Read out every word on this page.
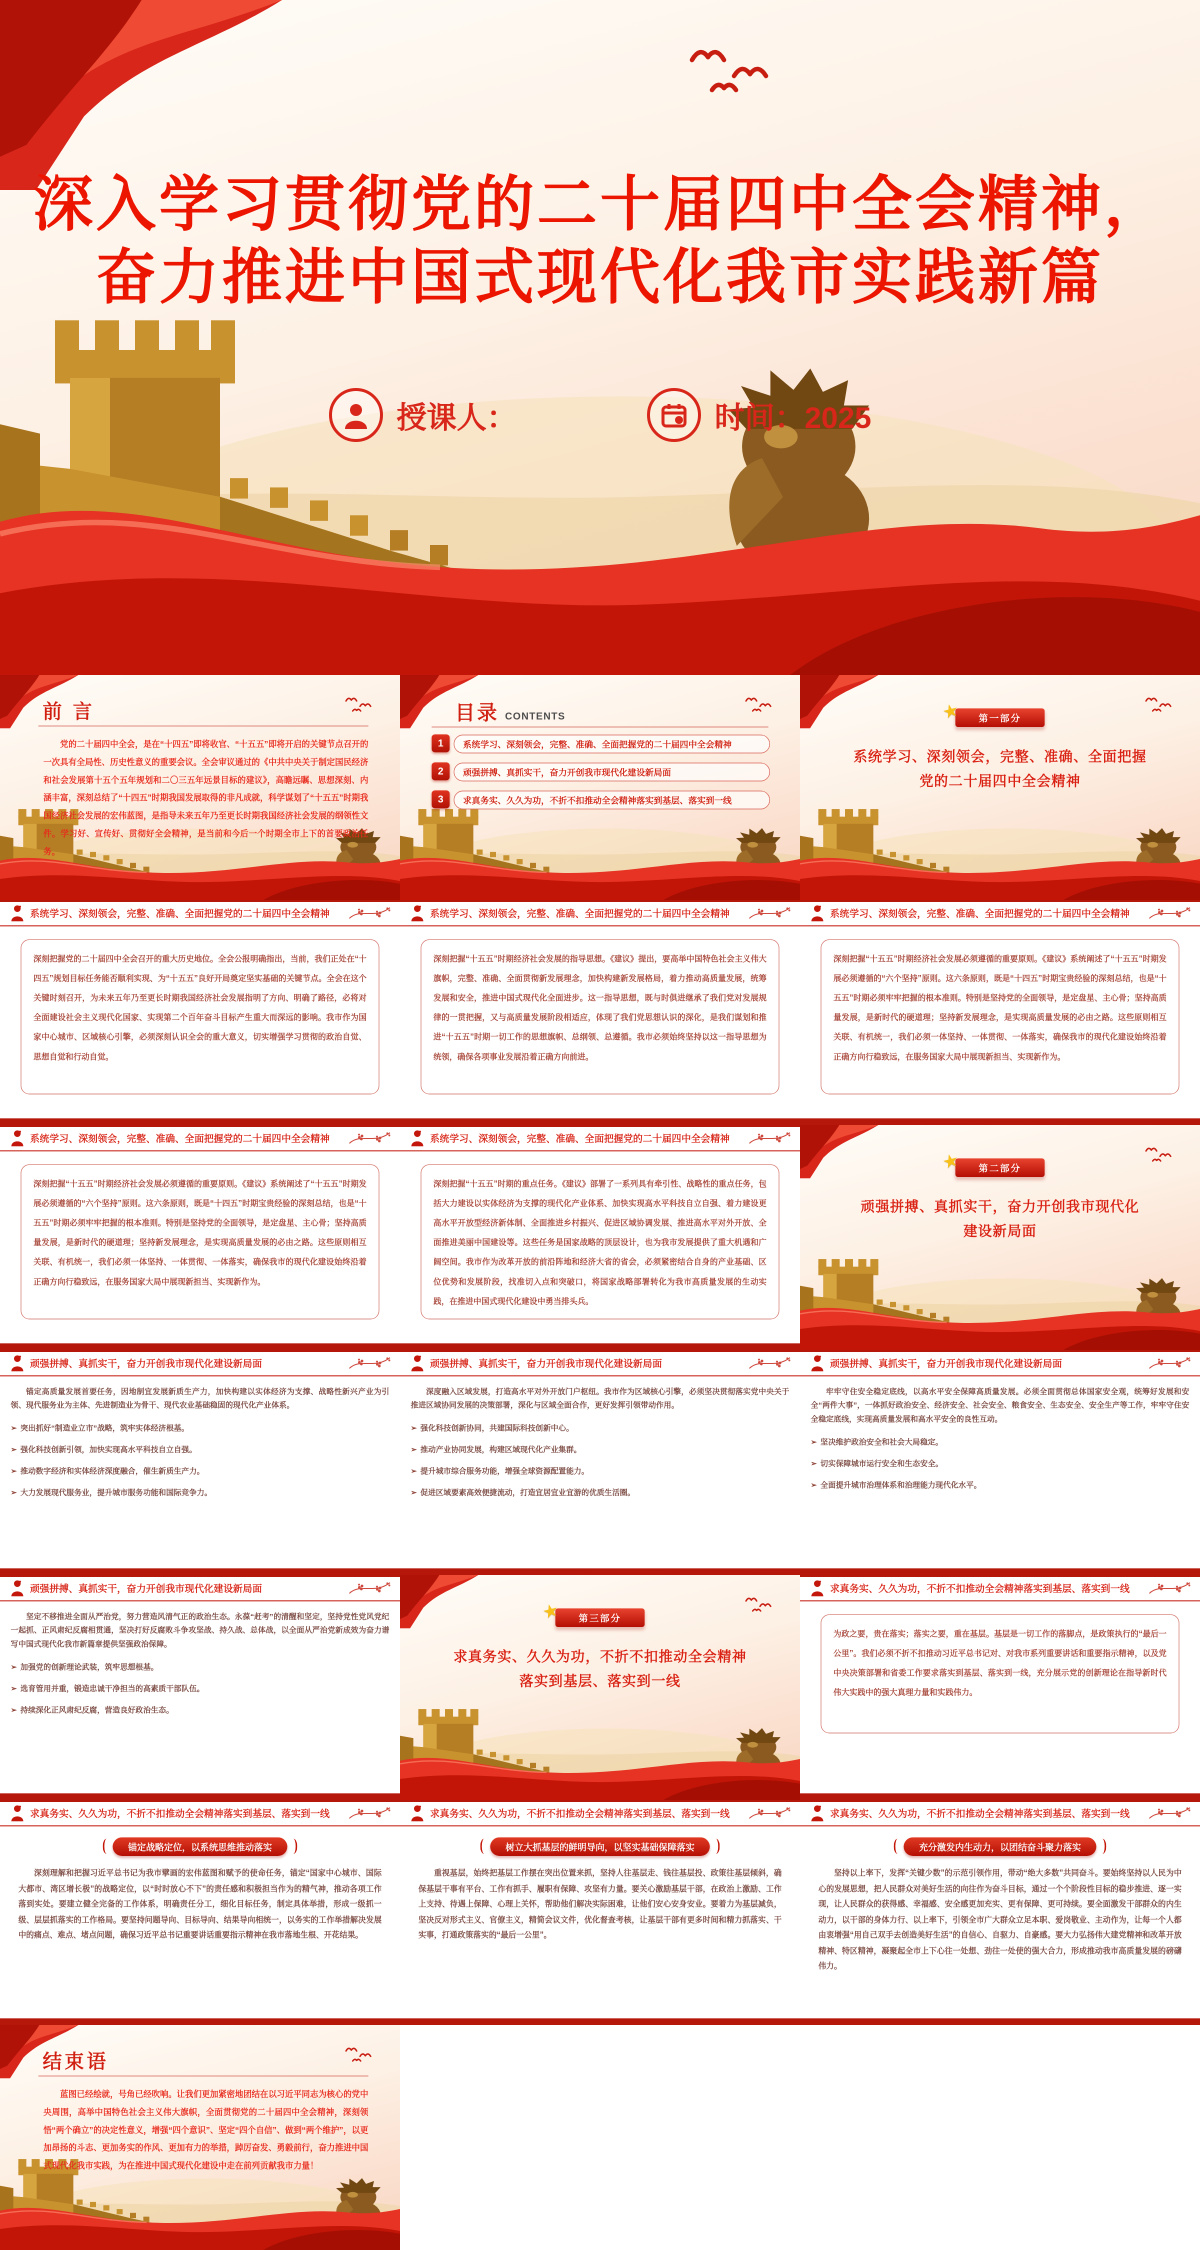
深入学习贯彻党的二十届四中全会精神，
奋力推进中国式现代化我市实践新篇
授课人：	时间：2025
前 言
党的二十届四中全会，是在“十四五”即将收官、“十五五”即将开启的关键节点召开的一次具有全局性、历史性意义的重要会议。全会审议通过的《中共中央关于制定国民经济和社会发展第十五个五年规划和二〇三五年远景目标的建议》，高瞻远瞩、思想深刻、内涵丰富，深刻总结了“十四五”时期我国发展取得的非凡成就，科学谋划了“十五五”时期我国经济社会发展的宏伟蓝图，是指导未来五年乃至更长时期我国经济社会发展的纲领性文件。学习好、宣传好、贯彻好全会精神，是当前和今后一个时期全市上下的首要政治任务。
目录 CONTENTS
1 系统学习、深刻领会，完整、准确、全面把握党的二十届四中全会精神
2 顽强拼搏、真抓实干，奋力开创我市现代化建设新局面
3 求真务实、久久为功，不折不扣推动全会精神落实到基层、落实到一线
★ 第一部分
系统学习、深刻领会，完整、准确、全面把握
党的二十届四中全会精神
系统学习、深刻领会，完整、准确、全面把握党的二十届四中全会精神
深刻把握党的二十届四中全会召开的重大历史地位。全会公报明确指出，当前，我们正处在“十四五”规划目标任务能否顺利实现、为“十五五”良好开局奠定坚实基础的关键节点。全会在这个关键时刻召开，为未来五年乃至更长时期我国经济社会发展指明了方向、明确了路径，必将对全面建设社会主义现代化国家、实现第二个百年奋斗目标产生重大而深远的影响。我市作为国家中心城市、区域核心引擎，必须深刻认识全会的重大意义，切实增强学习贯彻的政治自觉、思想自觉和行动自觉。
系统学习、深刻领会，完整、准确、全面把握党的二十届四中全会精神
深刻把握“十五五”时期经济社会发展的指导思想。《建议》提出，要高举中国特色社会主义伟大旗帜，完整、准确、全面贯彻新发展理念，加快构建新发展格局，着力推动高质量发展，统筹发展和安全，推进中国式现代化全面进步。这一指导思想，既与时俱进继承了我们党对发展规律的一贯把握，又与高质量发展阶段相适应，体现了我们党思想认识的深化，是我们谋划和推进“十五五”时期一切工作的思想旗帜、总纲领、总遵循。我市必须始终坚持以这一指导思想为统领，确保各项事业发展沿着正确方向前进。
系统学习、深刻领会，完整、准确、全面把握党的二十届四中全会精神
深刻把握“十五五”时期经济社会发展必须遵循的重要原则。《建议》系统阐述了“十五五”时期发展必须遵循的“六个坚持”原则。这六条原则，既是“十四五”时期宝贵经验的深刻总结，也是“十五五”时期必须牢牢把握的根本准则。特别是坚持党的全面领导，是定盘星、主心骨；坚持高质量发展，是新时代的硬道理；坚持新发展理念，是实现高质量发展的必由之路。这些原则相互关联、有机统一，我们必须一体坚持、一体贯彻、一体落实，确保我市的现代化建设始终沿着正确方向行稳致远，在服务国家大局中展现新担当、实现新作为。
系统学习、深刻领会，完整、准确、全面把握党的二十届四中全会精神
深刻把握“十五五”时期经济社会发展必须遵循的重要原则。《建议》系统阐述了“十五五”时期发展必须遵循的“六个坚持”原则。这六条原则，既是“十四五”时期宝贵经验的深刻总结，也是“十五五”时期必须牢牢把握的根本准则。特别是坚持党的全面领导，是定盘星、主心骨；坚持高质量发展，是新时代的硬道理；坚持新发展理念，是实现高质量发展的必由之路。这些原则相互关联、有机统一，我们必须一体坚持、一体贯彻、一体落实，确保我市的现代化建设始终沿着正确方向行稳致远，在服务国家大局中展现新担当、实现新作为。
系统学习、深刻领会，完整、准确、全面把握党的二十届四中全会精神
深刻把握“十五五”时期的重点任务。《建议》部署了一系列具有牵引性、战略性的重点任务，包括大力建设以实体经济为支撑的现代化产业体系、加快实现高水平科技自立自强、着力建设更高水平开放型经济新体制、全面推进乡村振兴、促进区域协调发展、推进高水平对外开放、全面推进美丽中国建设等。这些任务是国家战略的顶层设计，也为我市发展提供了重大机遇和广阔空间。我市作为改革开放的前沿阵地和经济大省的省会，必须紧密结合自身的产业基础、区位优势和发展阶段，找准切入点和突破口，将国家战略部署转化为我市高质量发展的生动实践，在推进中国式现代化建设中勇当排头兵。
★ 第二部分
顽强拼搏、真抓实干，奋力开创我市现代化
建设新局面
顽强拼搏、真抓实干，奋力开创我市现代化建设新局面
锚定高质量发展首要任务，因地制宜发展新质生产力，加快构建以实体经济为支撑、战略性新兴产业为引领、现代服务业为主体、先进制造业为骨干、现代农业基础稳固的现代化产业体系。
➢ 突出抓好“制造业立市”战略，筑牢实体经济根基。
➢ 强化科技创新引领，加快实现高水平科技自立自强。
➢ 推动数字经济和实体经济深度融合，催生新质生产力。
➢ 大力发展现代服务业，提升城市服务功能和国际竞争力。
顽强拼搏、真抓实干，奋力开创我市现代化建设新局面
深度融入区域发展，打造高水平对外开放门户枢纽。我市作为区域核心引擎，必须坚决贯彻落实党中央关于推进区域协同发展的决策部署，深化与区域全面合作，更好发挥引领带动作用。
➢ 强化科技创新协同，共建国际科技创新中心。
➢ 推动产业协同发展，构建区域现代化产业集群。
➢ 提升城市综合服务功能，增强全球资源配置能力。
➢ 促进区域要素高效便捷流动，打造宜居宜业宜游的优质生活圈。
顽强拼搏、真抓实干，奋力开创我市现代化建设新局面
牢牢守住安全稳定底线，以高水平安全保障高质量发展。必须全面贯彻总体国家安全观，统筹好发展和安全“两件大事”，一体抓好政治安全、经济安全、社会安全、粮食安全、生态安全、安全生产等工作，牢牢守住安全稳定底线，实现高质量发展和高水平安全的良性互动。
➢ 坚决维护政治安全和社会大局稳定。
➢ 切实保障城市运行安全和生态安全。
➢ 全面提升城市治理体系和治理能力现代化水平。
顽强拼搏、真抓实干，奋力开创我市现代化建设新局面
坚定不移推进全面从严治党，努力营造风清气正的政治生态。永葆“赶考”的清醒和坚定，坚持党性党风党纪一起抓、正风肃纪反腐相贯通，坚决打好反腐败斗争攻坚战、持久战、总体战，以全面从严治党新成效为奋力谱写中国式现代化我市新篇章提供坚强政治保障。
➢ 加强党的创新理论武装，筑牢思想根基。
➢ 选育管用并重，锻造忠诚干净担当的高素质干部队伍。
➢ 持续深化正风肃纪反腐，营造良好政治生态。
★ 第三部分
求真务实、久久为功，不折不扣推动全会精神
落实到基层、落实到一线
求真务实、久久为功，不折不扣推动全会精神落实到基层、落实到一线
为政之要，贵在落实；落实之要，重在基层。基层是一切工作的落脚点，是政策执行的“最后一公里”。我们必须不折不扣推动习近平总书记对、对我市系列重要讲话和重要指示精神，以及党中央决策部署和省委工作要求落实到基层、落实到一线，充分展示党的创新理论在指导新时代伟大实践中的强大真理力量和实践伟力。
求真务实、久久为功，不折不扣推动全会精神落实到基层、落实到一线
锚定战略定位，以系统思维推动落实
深刻理解和把握习近平总书记为我市擘画的宏伟蓝图和赋予的使命任务，锚定“国家中心城市、国际大都市、湾区增长极”的战略定位，以“时时放心不下”的责任感和积极担当作为的精气神，推动各项工作落到实处。要建立健全完备的工作体系，明确责任分工，细化目标任务，制定具体举措，形成一级抓一级、层层抓落实的工作格局。要坚持问题导向、目标导向、结果导向相统一，以务实的工作举措解决发展中的痛点、难点、堵点问题，确保习近平总书记重要讲话重要指示精神在我市落地生根、开花结果。
求真务实、久久为功，不折不扣推动全会精神落实到基层、落实到一线
树立大抓基层的鲜明导向，以坚实基础保障落实
重视基层，始终把基层工作摆在突出位置来抓，坚持人往基层走、钱往基层投、政策往基层倾斜，确保基层干事有平台、工作有抓手、履职有保障、攻坚有力量。要关心激励基层干部，在政治上激励、工作上支持、待遇上保障、心理上关怀，帮助他们解决实际困难，让他们安心安身安业。要着力为基层减负，坚决反对形式主义、官僚主义，精简会议文件，优化督查考核，让基层干部有更多时间和精力抓落实、干实事，打通政策落实的“最后一公里”。
求真务实、久久为功，不折不扣推动全会精神落实到基层、落实到一线
充分激发内生动力，以团结奋斗聚力落实
坚持以上率下，发挥“关键少数”的示范引领作用，带动“绝大多数”共同奋斗。要始终坚持以人民为中心的发展思想，把人民群众对美好生活的向往作为奋斗目标，通过一个个阶段性目标的稳步推进、逐一实现，让人民群众的获得感、幸福感、安全感更加充实、更有保障、更可持续。要全面激发干部群众的内生动力，以干部的身体力行、以上率下，引领全市广大群众立足本职、爱岗敬业、主动作为，让每一个人都由衷增强“用自己双手去创造美好生活”的自信心、自驱力、自豪感。要大力弘扬伟大建党精神和改革开放精神、特区精神，凝聚起全市上下心往一处想、劲往一处使的强大合力，形成推动我市高质量发展的磅礴伟力。
结束语
蓝图已经绘就，号角已经吹响。让我们更加紧密地团结在以习近平同志为核心的党中央周围，高举中国特色社会主义伟大旗帜，全面贯彻党的二十届四中全会精神，深刻领悟“两个确立”的决定性意义，增强“四个意识”、坚定“四个自信”、做到“两个维护”，以更加昂扬的斗志、更加务实的作风、更加有力的举措，踔厉奋发、勇毅前行，奋力推进中国式现代化我市实践，为在推进中国式现代化建设中走在前列贡献我市力量！
